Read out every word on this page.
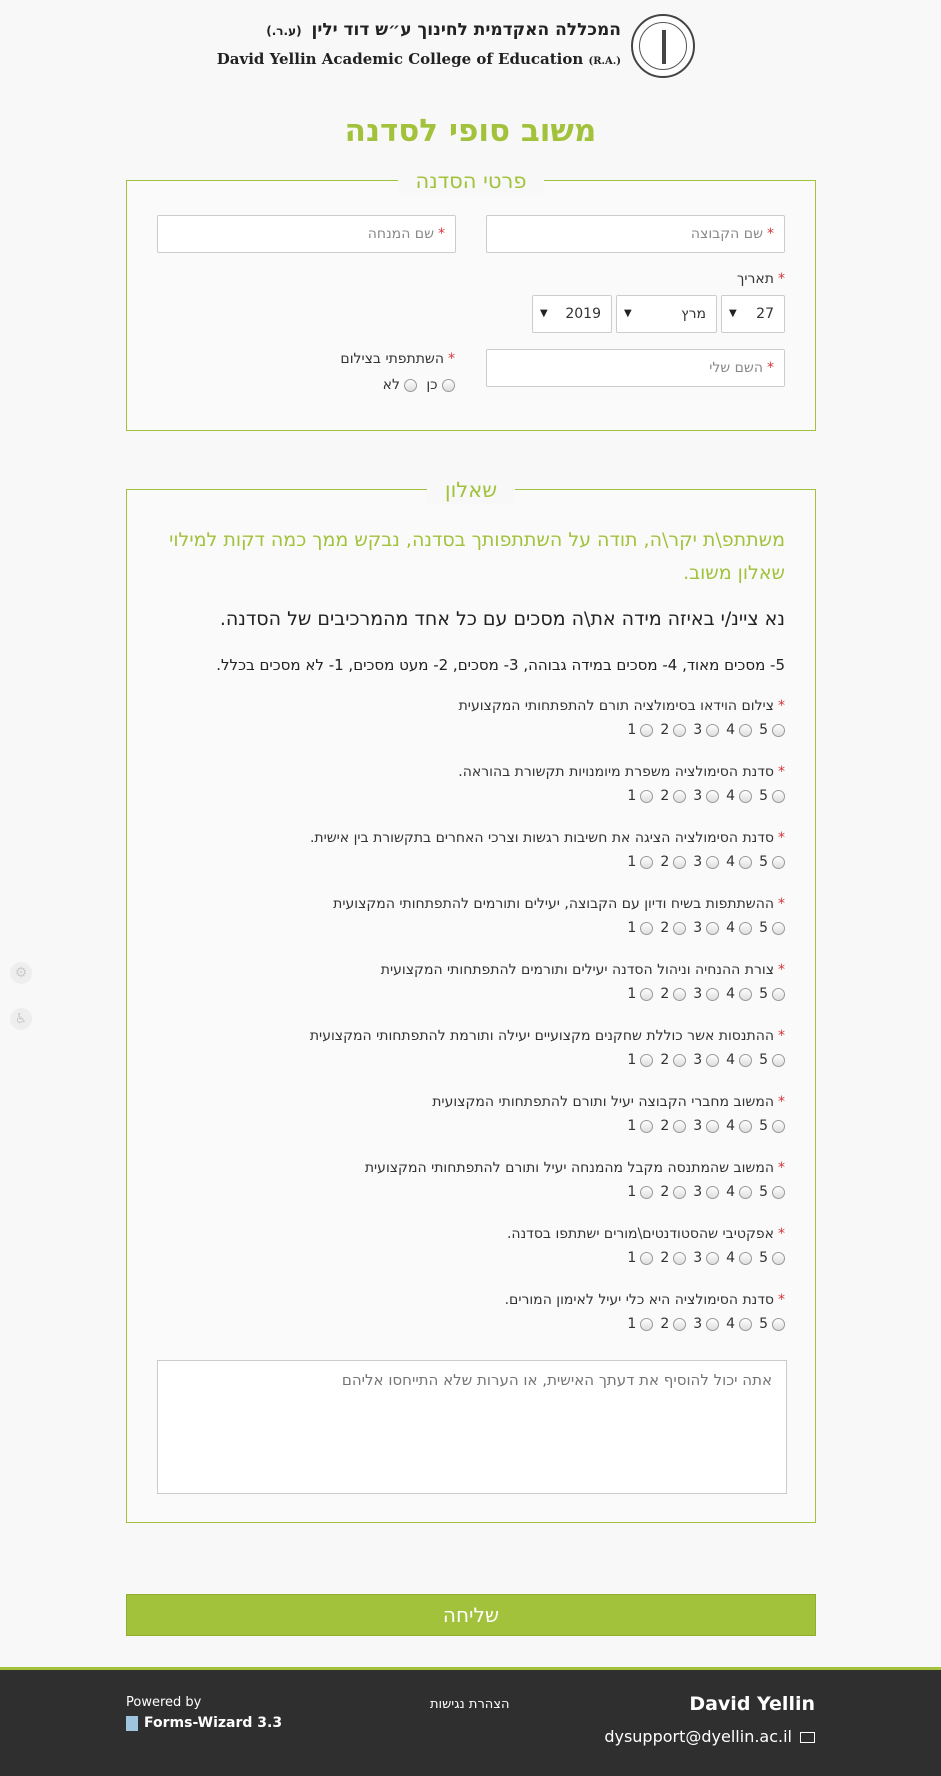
המכללה האקדמית לחינוך ע״ש דוד ילין (ע.ר.)
David Yellin Academic College of Education (R.A.)
משוב סופי לסדנה
⚙
♿
פרטי הסדנה
*שם הקבוצה
*שם המנחה
*תאריך
27
▼
מרץ
▼
2019
▼
*השם שלי
*השתתפתי בצילום
כן   לא
שאלון
משתתפ\ת יקר\ה, תודה על השתתפותך בסדנה, נבקש ממך כמה דקות למילוי שאלון משוב.
נא ציינ/י באיזה מידה את\ה מסכים עם כל אחד מהמרכיבים של הסדנה.
5- מסכים מאוד, 4- מסכים במידה גבוהה, 3- מסכים, 2- מעט מסכים, 1- לא מסכים בכלל.
*צילום הוידאו בסימולציה תורם להתפתחותי המקצועית
54321
*סדנת הסימולציה משפרת מיומנויות תקשורת בהוראה.
54321
*סדנת הסימולציה הציגה את חשיבות רגשות וצרכי האחרים בתקשורת בין אישית.
54321
*ההשתתפות בשיח ודיון עם הקבוצה, יעילים ותורמים להתפתחותי המקצועית
54321
*צורת ההנחיה וניהול הסדנה יעילים ותורמים להתפתחותי המקצועית
54321
*ההתנסות אשר כוללת שחקנים מקצועיים יעילה ותורמת להתפתחותי המקצועית
54321
*המשוב מחברי הקבוצה יעיל ותורם להתפתחותי המקצועית
54321
*המשוב שהמתנסה מקבל מהמנחה יעיל ותורם להתפתחותי המקצועית
54321
*אפקטיבי שהסטודנטים\מורים ישתתפו בסדנה.
54321
*סדנת הסימולציה היא כלי יעיל לאימון המורים.
54321
אתה יכול להוסיף את דעתך האישית, או הערות שלא התייחסו אליהם
שליחה
David Yellin
dysupport@dyellin.ac.il
הצהרת נגישות
Powered by
Forms-Wizard 3.3
